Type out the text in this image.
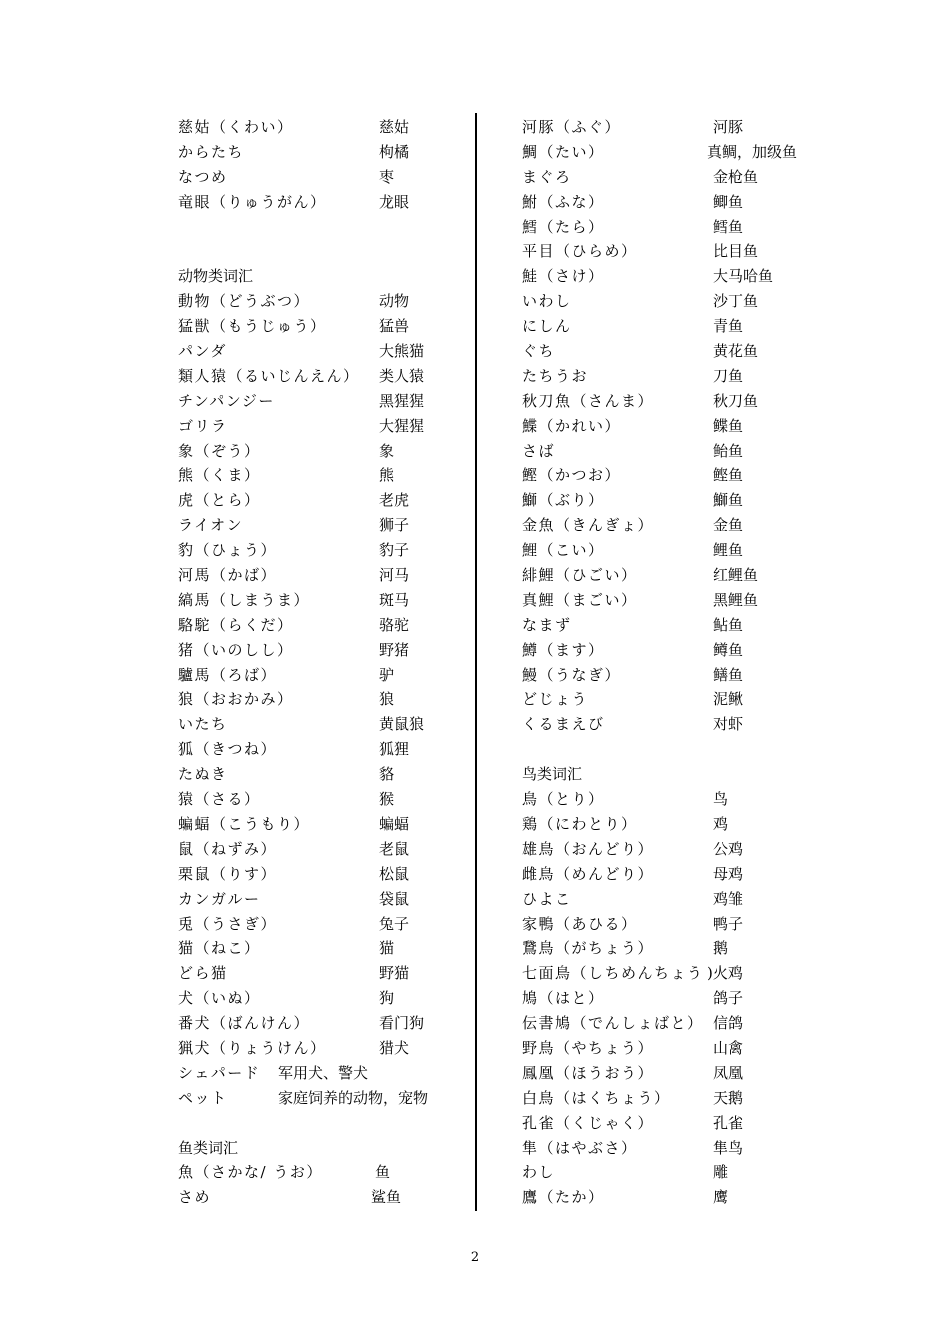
慈姑（くわい）	慈姑
からたち	枸橘
なつめ	枣
竜眼（りゅうがん）	龙眼
动物类词汇
動物（どうぶつ）	动物
猛獣（もうじゅう）	猛兽
パンダ	大熊猫
類人猿（るいじんえん） 类人猿
チンパンジー	黑猩猩
ゴリラ	大猩猩
象（ぞう）	象
熊（くま）	熊
虎（とら）	老虎
ライオン	狮子
豹（ひょう）	豹子
河馬（かば）	河马
縞馬（しまうま）	斑马
駱駝（らくだ）	骆驼
猪（いのしし）	野猪
驢馬（ろば）	驴
狼（おおかみ）	狼
いたち	黄鼠狼
狐（きつね）	狐狸
たぬき	貉
猿（さる）	猴
蝙蝠（こうもり）	蝙蝠
鼠（ねずみ）	老鼠
栗鼠（りす）	松鼠
カンガルー	袋鼠
兎（うさぎ）	兔子
猫（ねこ）	猫
どら猫	野猫
犬（いぬ）	狗
番犬（ばんけん）	看门狗
猟犬（りょうけん）	猎犬
シェパード 军用犬、警犬
ペット	家庭饲养的动物，宠物
鱼类词汇
魚（さかな/ うお）	鱼
さめ	鲨鱼
河豚（ふぐ）	河豚
鯛（たい）	真鲷，加级鱼
まぐろ	金枪鱼
鮒（ふな）	鲫鱼
鱈（たら）	鳕鱼
平目（ひらめ）	比目鱼
鮭（さけ）	大马哈鱼
いわし	沙丁鱼
にしん	青鱼
ぐち	黄花鱼
たちうお	刀鱼
秋刀魚（さんま）	秋刀鱼
鰈（かれい）	鲽鱼
さば	鲐鱼
鰹（かつお）	鲣鱼
鰤（ぶり）	鰤鱼
金魚（きんぎょ）	金鱼
鯉（こい）	鲤鱼
緋鯉（ひごい）	红鲤鱼
真鯉（まごい）	黑鲤鱼
なまず	鲇鱼
鱒（ます）	鳟鱼
鰻（うなぎ）	鳝鱼
どじょう	泥鳅
くるまえび	对虾
鸟类词汇
鳥（とり）	鸟
鶏（にわとり）	鸡
雄鳥（おんどり）	公鸡
雌鳥（めんどり）	母鸡
ひよこ	鸡雏
家鴨（あひる）	鸭子
鵞鳥（がちょう）	鹅
七面鳥（しちめんちょう )火鸡
鳩（はと）	鸽子
伝書鳩（でんしょばと） 信鸽
野鳥（やちょう）	山禽
鳳凰（ほうおう）	凤凰
白鳥（はくちょう）	天鹅
孔雀（くじゃく）	孔雀
隼（はやぶさ）	隼鸟
わし	雕
鷹（たか）	鹰
2
